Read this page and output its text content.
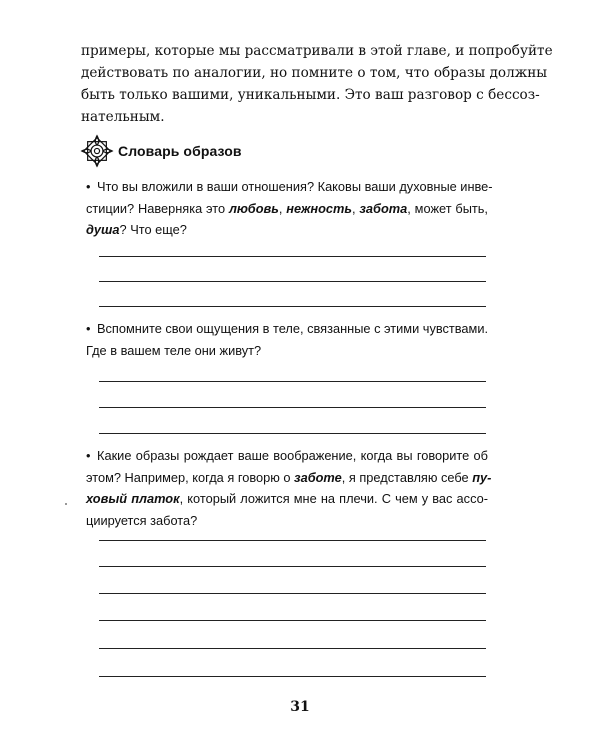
примеры, которые мы рассматривали в этой главе, и попробуйте
действовать по аналогии, но помните о том, что образы должны
быть только вашими, уникальными. Это ваш разговор с бессоз-
нательным.

Словарь образов
• Что вы вложили в ваши отношения? Каковы ваши духовные инве-
стиции? Наверняка это любовь, нежность, забота, может быть,
душа? Что еще?
• Вспомните свои ощущения в теле, связанные с этими чувствами.
Где в вашем теле они живут?
• Какие образы рождает ваше воображение, когда вы говорите об
этом? Например, когда я говорю о заботе, я представляю себе пу-
ховый платок, который ложится мне на плечи. С чем у вас ассо-
циируется забота?
31
